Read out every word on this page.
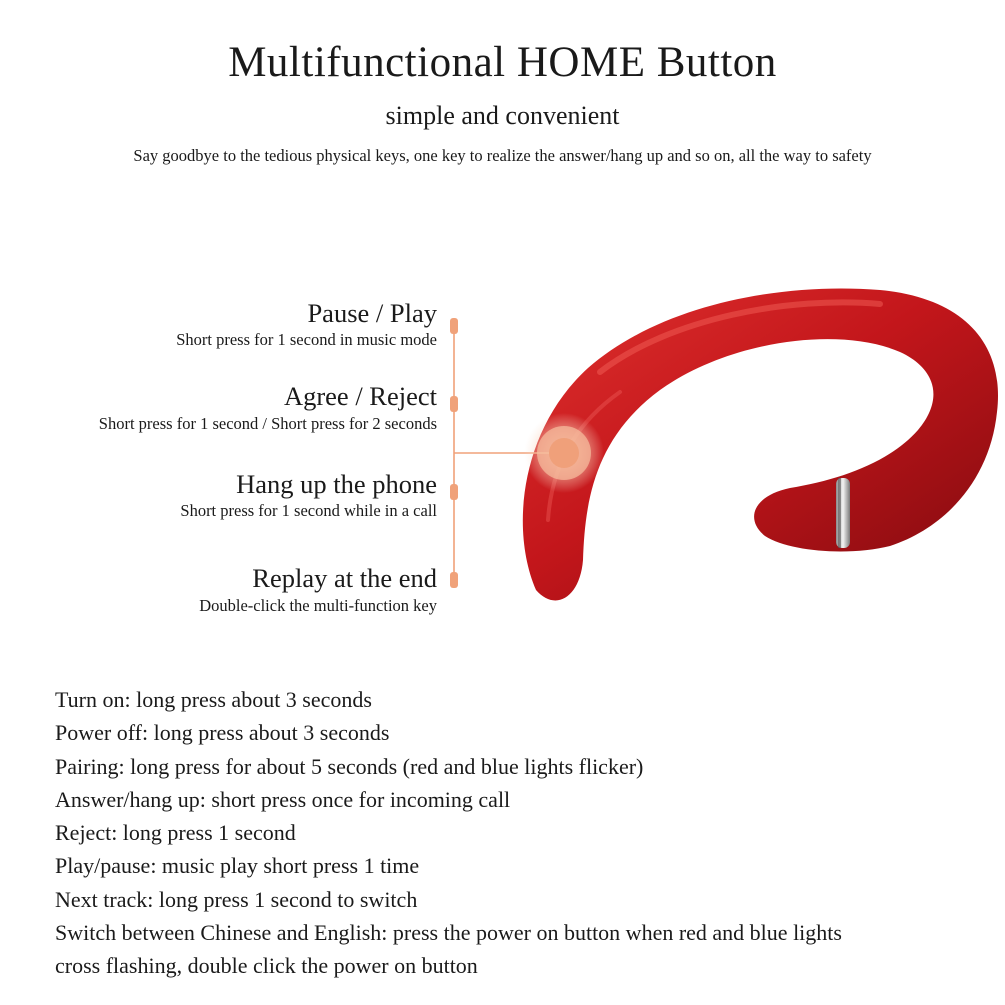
Multifunctional HOME Button
simple and convenient
Say goodbye to the tedious physical keys, one key to realize the answer/hang up and so on, all the way to safety
Pause / Play
Short press for 1 second in music mode
Agree / Reject
Short press for 1 second / Short press for 2 seconds
Hang up the phone
Short press for 1 second while in a call
Replay at the end
Double-click the multi-function key
Turn on: long press about 3 seconds
Power off: long press about 3 seconds
Pairing: long press for about 5 seconds (red and blue lights flicker)
Answer/hang up: short press once for incoming call
Reject: long press 1 second
Play/pause: music play short press 1 time
Next track: long press 1 second to switch
Switch between Chinese and English: press the power on button when red and blue lights
cross flashing, double click the power on button
